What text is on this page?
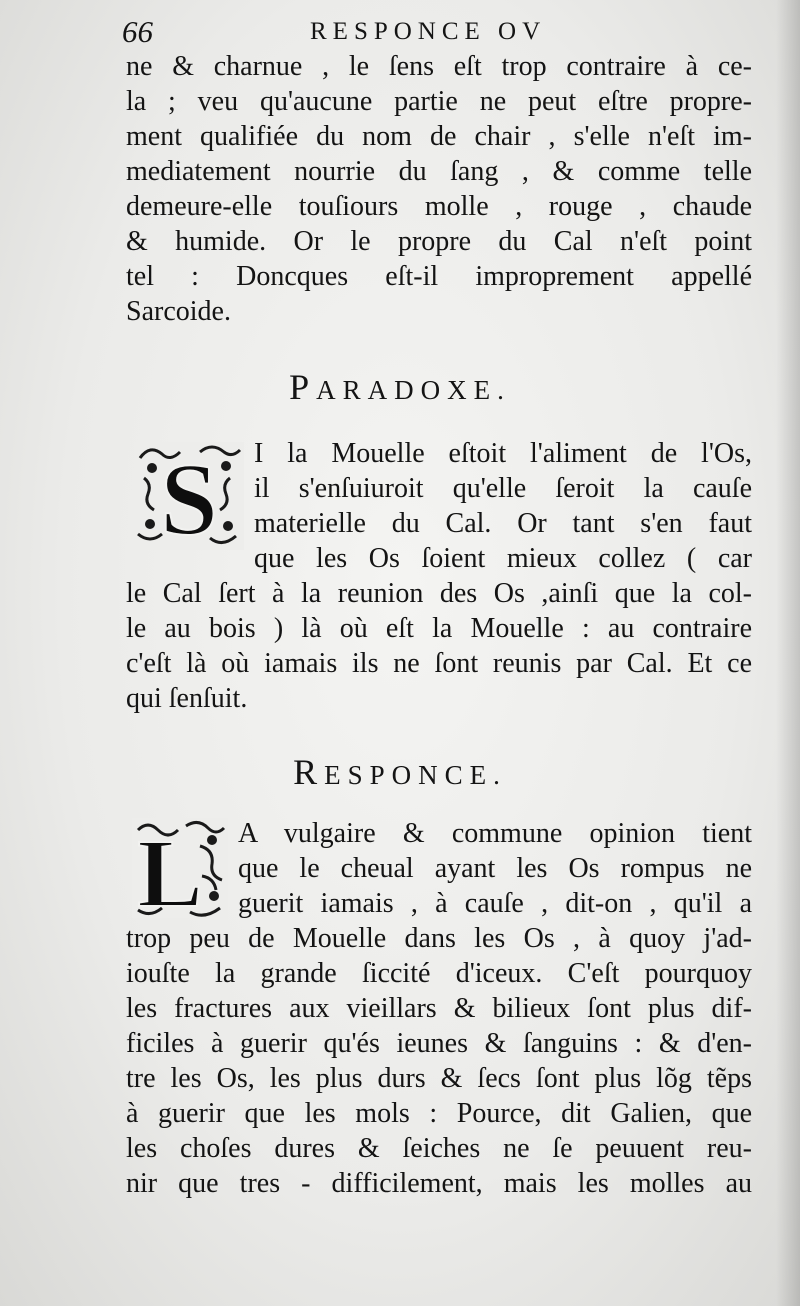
66	RESPONCE OV
ne & charnue , le ſens eſt trop contraire à ce-
la ; veu qu'aucune partie ne peut eſtre propre-
ment qualifiée du nom de chair , s'elle n'eſt im-
mediatement nourrie du ſang , & comme telle
demeure-elle touſiours molle , rouge , chaude
& humide. Or le propre du Cal n'eſt point
tel : Doncques eſt-il improprement appellé
Sarcoide.
PARADOXE.
S I la Mouelle eſtoit l'aliment de l'Os,
il s'enſuiuroit qu'elle ſeroit la cauſe
materielle du Cal. Or tant s'en faut
que les Os ſoient mieux collez ( car
le Cal ſert à la reunion des Os ,ainſi que la col-
le au bois ) là où eſt la Mouelle : au contraire
c'eſt là où iamais ils ne ſont reunis par Cal. Et ce
qui ſenſuit.
RESPONCE.
L A vulgaire & commune opinion tient
que le cheual ayant les Os rompus ne
guerit iamais , à cauſe , dit-on , qu'il a
trop peu de Mouelle dans les Os , à quoy j'ad-
iouſte la grande ſiccité d'iceux. C'eſt pourquoy
les fractures aux vieillars & bilieux ſont plus dif-
ficiles à guerir qu'és ieunes & ſanguins : & d'en-
tre les Os, les plus durs & ſecs ſont plus lõg tẽps
à guerir que les mols : Pource, dit Galien, que
les choſes dures & ſeiches ne ſe peuuent reu-
nir que tres - difficilement, mais les molles au
